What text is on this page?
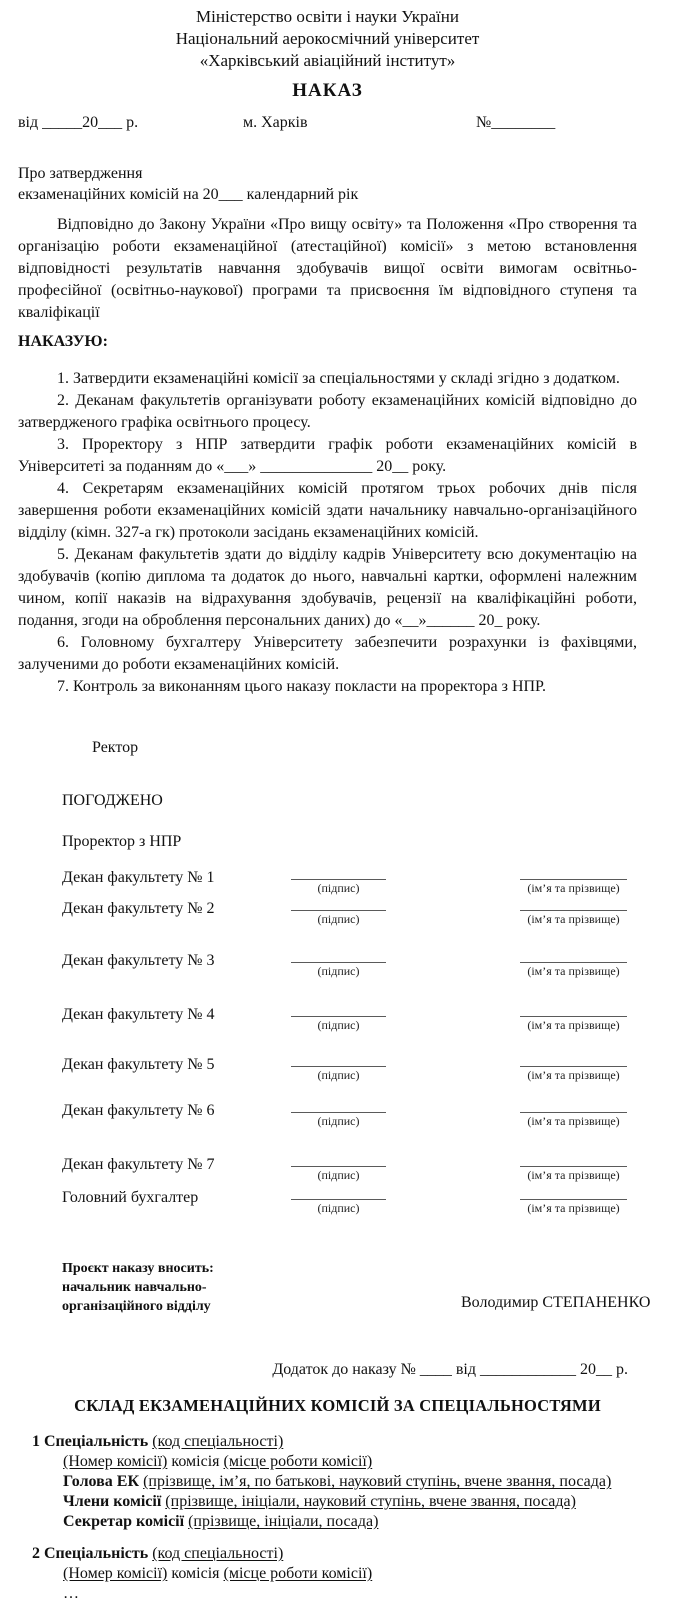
Міністерство освіти і науки України
Національний аерокосмічний університет
«Харківський авіаційний інститут»
НАКАЗ
від _____20___ р.	м. Харків	№________
Про затвердження
екзаменаційних комісій на 20___ календарний рік

Відповідно до Закону України «Про вищу освіту» та Положення «Про створення та організацію роботи екзаменаційної (атестаційної) комісії» з метою встановлення відповідності результатів навчання здобувачів вищої освіти вимогам освітньо-професійної (освітньо-наукової) програми та присвоєння їм відповідного ступеня та кваліфікації

НАКАЗУЮ:

1. Затвердити екзаменаційні комісії за спеціальностями у складі згідно з додатком.

2. Деканам факультетів організувати роботу екзаменаційних комісій відповідно до затвердженого графіка освітнього процесу.

3. Проректору з НПР затвердити графік роботи екзаменаційних комісій в Університеті за поданням до «___» ______________ 20__ року.

4. Секретарям екзаменаційних комісій протягом трьох робочих днів після завершення роботи екзаменаційних комісій здати начальнику навчально-організаційного відділу (кімн. 327-а гк) протоколи засідань екзаменаційних комісій.

5. Деканам факультетів здати до відділу кадрів Університету всю документацію на здобувачів (копію диплома та додаток до нього, навчальні картки, оформлені належним чином, копії наказів на відрахування здобувачів, рецензії на кваліфікаційні роботи, подання, згоди на оброблення персональних даних) до «__»______ 20_ року.

6. Головному бухгалтеру Університету забезпечити розрахунки із фахівцями, залученими до роботи екзаменаційних комісій.

7. Контроль за виконанням цього наказу покласти на проректора з НПР.

Ректор
ПОГОДЖЕНО
Проректор з НПР
Декан факультету № 1
(підпис)	(ім’я та прізвище)
Декан факультету № 2
(підпис)	(ім’я та прізвище)
Декан факультету № 3
(підпис)	(ім’я та прізвище)
Декан факультету № 4
(підпис)	(ім’я та прізвище)
Декан факультету № 5
(підпис)	(ім’я та прізвище)
Декан факультету № 6
(підпис)	(ім’я та прізвище)
Декан факультету № 7
(підпис)	(ім’я та прізвище)
Головний бухгалтер
(підпис)	(ім’я та прізвище)
Проєкт наказу вносить:
начальник навчально-
організаційного відділу	Володимир СТЕПАНЕНКО
Додаток до наказу № ____ від ____________ 20__ р.
СКЛАД ЕКЗАМЕНАЦІЙНИХ КОМІСІЙ ЗА СПЕЦІАЛЬНОСТЯМИ
1 Спеціальність (код спеціальності)
(Номер комісії) комісія (місце роботи комісії)
Голова ЕК (прізвище, ім’я, по батькові, науковий ступінь, вчене звання, посада)
Члени комісії (прізвище, ініціали, науковий ступінь, вчене звання, посада)
Секретар комісії (прізвище, ініціали, посада)
2 Спеціальність (код спеціальності)
(Номер комісії) комісія (місце роботи комісії)
…
